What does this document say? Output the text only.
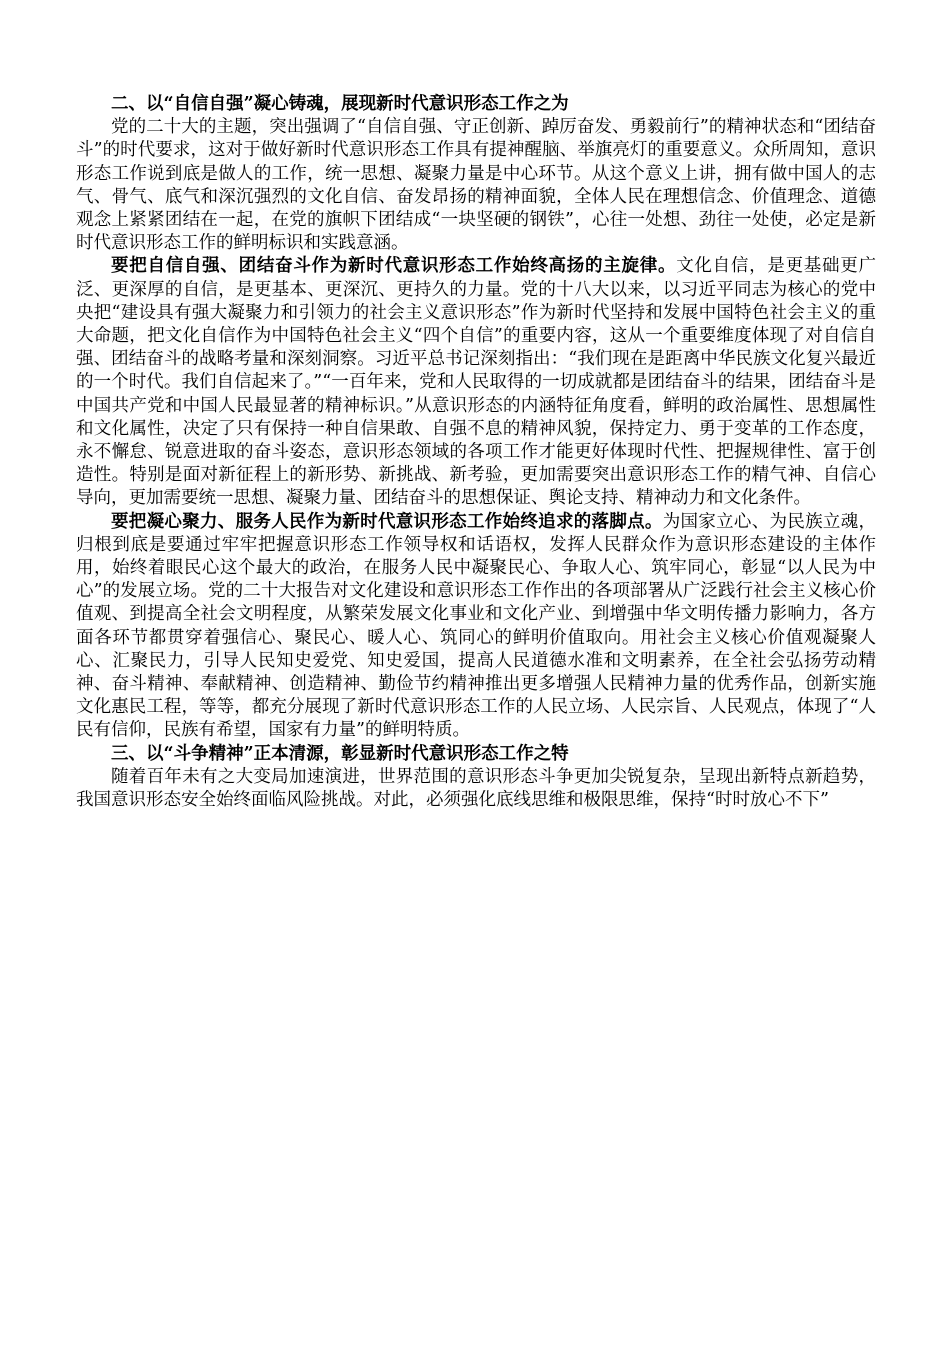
二、以“自信自强”凝心铸魂，展现新时代意识形态工作之为

党的二十大的主题，突出强调了“自信自强、守正创新、踔厉奋发、勇毅前行”的精神状态和“团结奋斗”的时代要求，这对于做好新时代意识形态工作具有提神醒脑、举旗亮灯的重要意义。众所周知，意识形态工作说到底是做人的工作，统一思想、凝聚力量是中心环节。从这个意义上讲，拥有做中国人的志气、骨气、底气和深沉强烈的文化自信、奋发昂扬的精神面貌，全体人民在理想信念、价值理念、道德观念上紧紧团结在一起，在党的旗帜下团结成“一块坚硬的钢铁”，心往一处想、劲往一处使，必定是新时代意识形态工作的鲜明标识和实践意涵。

要把自信自强、团结奋斗作为新时代意识形态工作始终高扬的主旋律。文化自信，是更基础更广泛、更深厚的自信，是更基本、更深沉、更持久的力量。党的十八大以来，以习近平同志为核心的党中央把“建设具有强大凝聚力和引领力的社会主义意识形态”作为新时代坚持和发展中国特色社会主义的重大命题，把文化自信作为中国特色社会主义“四个自信”的重要内容，这从一个重要维度体现了对自信自强、团结奋斗的战略考量和深刻洞察。习近平总书记深刻指出：“我们现在是距离中华民族文化复兴最近的一个时代。我们自信起来了。”“一百年来，党和人民取得的一切成就都是团结奋斗的结果，团结奋斗是中国共产党和中国人民最显著的精神标识。”从意识形态的内涵特征角度看，鲜明的政治属性、思想属性和文化属性，决定了只有保持一种自信果敢、自强不息的精神风貌，保持定力、勇于变革的工作态度，永不懈怠、锐意进取的奋斗姿态，意识形态领域的各项工作才能更好体现时代性、把握规律性、富于创造性。特别是面对新征程上的新形势、新挑战、新考验，更加需要突出意识形态工作的精气神、自信心导向，更加需要统一思想、凝聚力量、团结奋斗的思想保证、舆论支持、精神动力和文化条件。

要把凝心聚力、服务人民作为新时代意识形态工作始终追求的落脚点。为国家立心、为民族立魂，归根到底是要通过牢牢把握意识形态工作领导权和话语权，发挥人民群众作为意识形态建设的主体作用，始终着眼民心这个最大的政治，在服务人民中凝聚民心、争取人心、筑牢同心，彰显“以人民为中心”的发展立场。党的二十大报告对文化建设和意识形态工作作出的各项部署从广泛践行社会主义核心价值观、到提高全社会文明程度，从繁荣发展文化事业和文化产业、到增强中华文明传播力影响力，各方面各环节都贯穿着强信心、聚民心、暖人心、筑同心的鲜明价值取向。用社会主义核心价值观凝聚人心、汇聚民力，引导人民知史爱党、知史爱国，提高人民道德水准和文明素养，在全社会弘扬劳动精神、奋斗精神、奉献精神、创造精神、勤俭节约精神推出更多增强人民精神力量的优秀作品，创新实施文化惠民工程，等等，都充分展现了新时代意识形态工作的人民立场、人民宗旨、人民观点，体现了“人民有信仰，民族有希望，国家有力量”的鲜明特质。

三、以“斗争精神”正本清源，彰显新时代意识形态工作之特

随着百年未有之大变局加速演进，世界范围的意识形态斗争更加尖锐复杂，呈现出新特点新趋势，我国意识形态安全始终面临风险挑战。对此，必须强化底线思维和极限思维，保持“时时放心不下”
